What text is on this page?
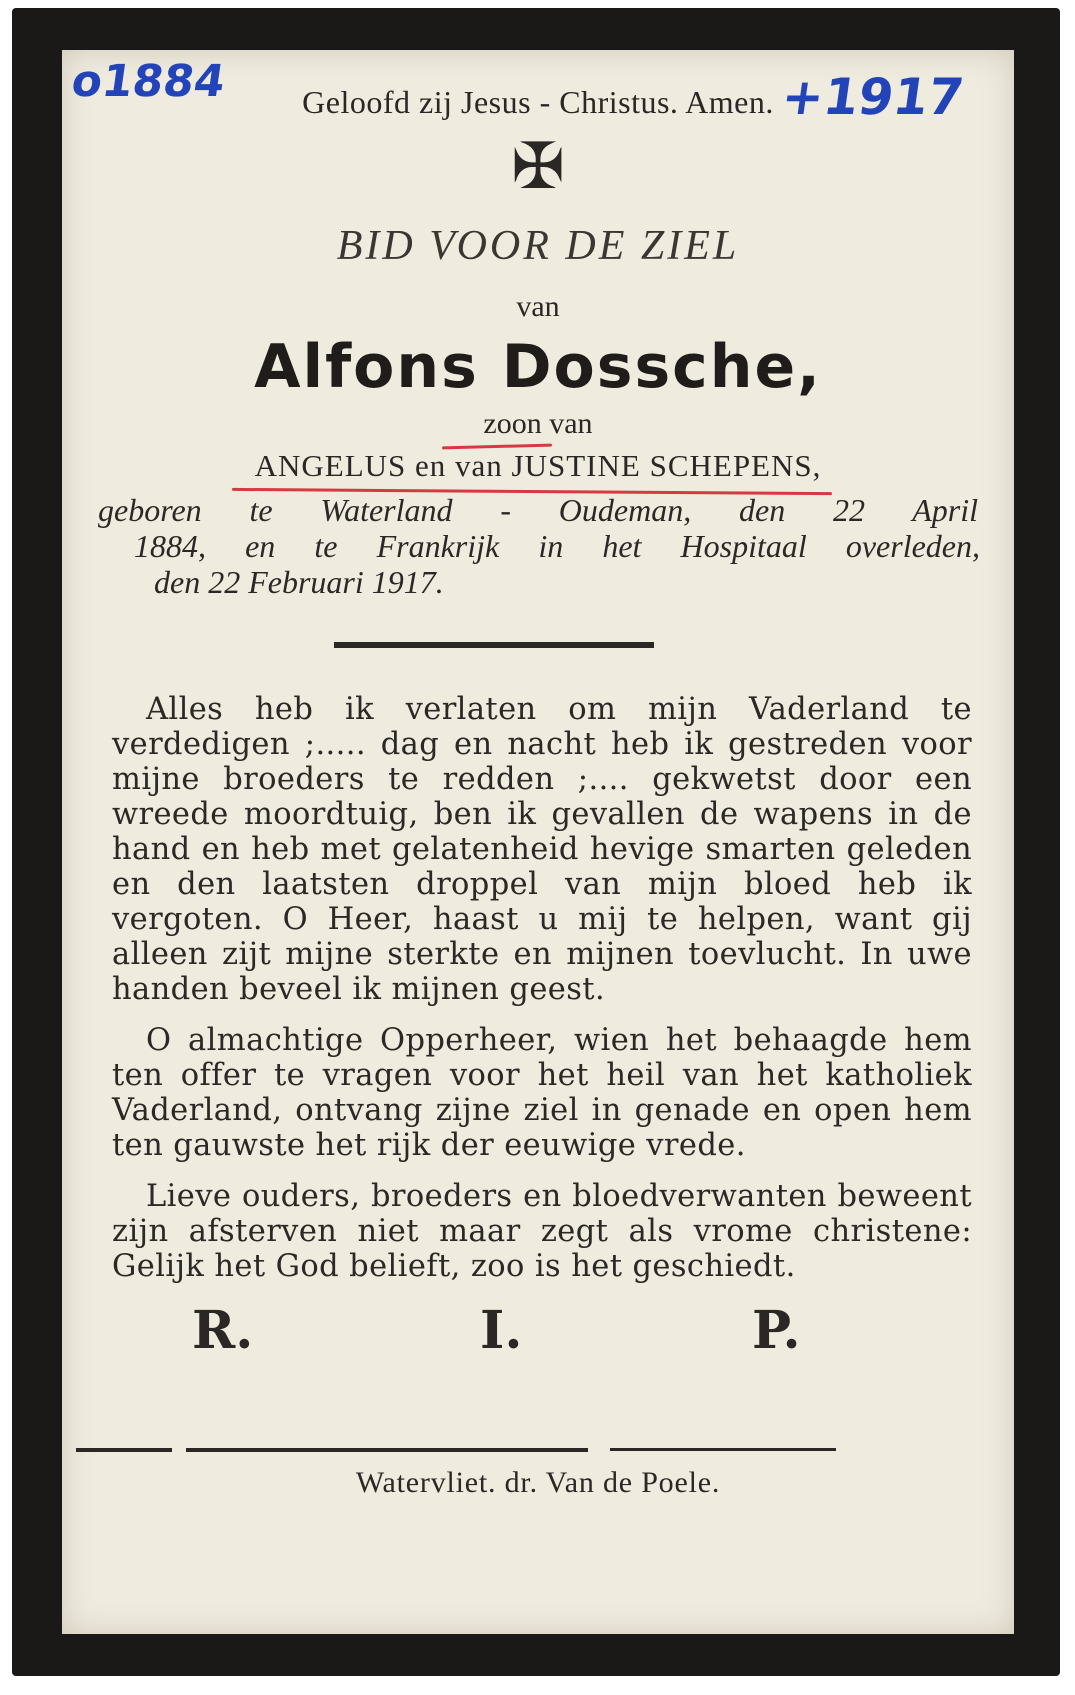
o1884	+1917
Geloofd zij Jesus - Christus. Amen.
✠
BID VOOR DE ZIEL
van
Alfons Dossche,
zoon van
ANGELUS en van JUSTINE SCHEPENS,
geboren te Waterland - Oudeman, den 22 April
1884, en te Frankrijk in het Hospitaal overleden,
den 22 Februari 1917.

Alles heb ik verlaten om mijn Vaderland te verdedigen ;..... dag en nacht heb ik gestreden voor mijne broeders te redden ;.... gekwetst door een wreede moordtuig, ben ik gevallen de wapens in de hand en heb met gelatenheid hevige smarten geleden en den laatsten droppel van mijn bloed heb ik vergoten. O Heer, haast u mij te helpen, want gij alleen zijt mijne sterkte en mijnen toevlucht. In uwe handen beveel ik mijnen geest.

O almachtige Opperheer, wien het behaagde hem ten offer te vragen voor het heil van het katholiek Vaderland, ontvang zijne ziel in genade en open hem ten gauwste het rijk der eeuwige vrede.

Lieve ouders, broeders en bloedverwanten beweent zijn afsterven niet maar zegt als vrome christene: Gelijk het God belieft, zoo is het geschiedt.

R.	I.	P.
Watervliet. dr. Van de Poele.
